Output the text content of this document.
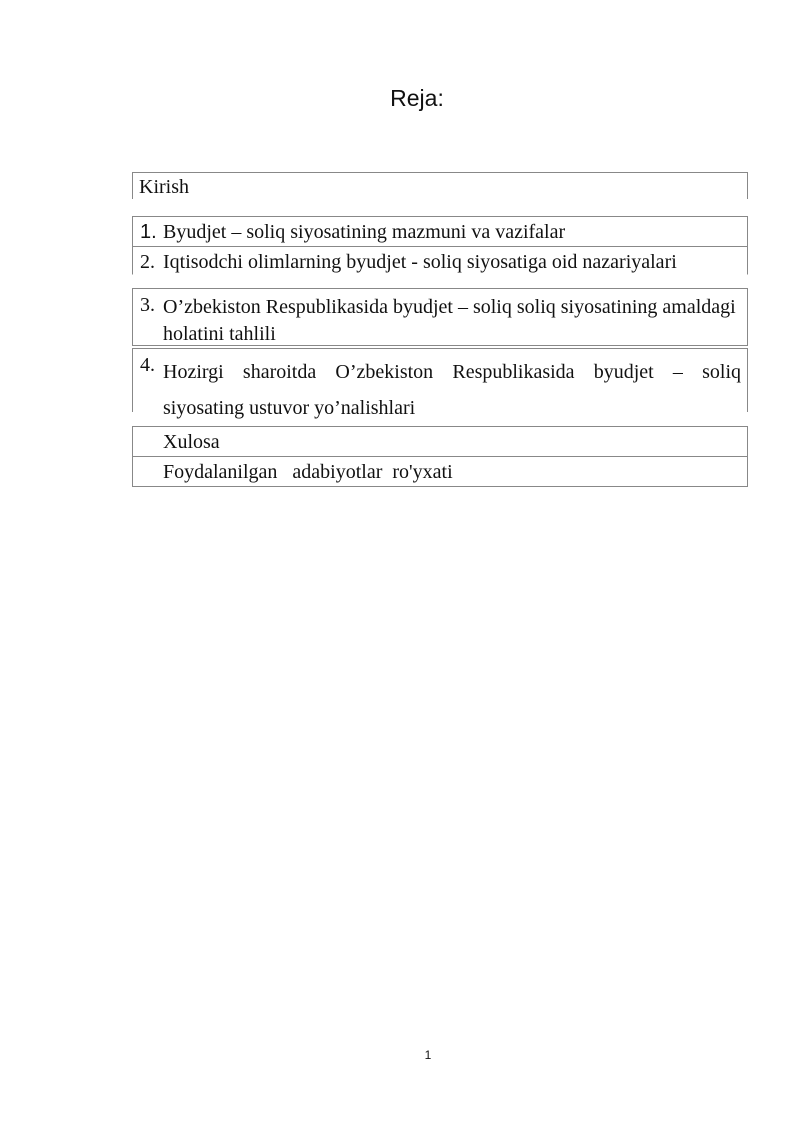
Reja:
Kirish
1. Byudjet – soliq siyosatining mazmuni va vazifalar
2. Iqtisodchi olimlarning byudjet - soliq siyosatiga oid nazariyalari
3. O’zbekiston Respublikasida byudjet – soliq soliq siyosatining amaldagi holatini tahlili
4. Hozirgi sharoitda O’zbekiston Respublikasida byudjet – soliq siyosating ustuvor yo’nalishlari
Xulosa
Foydalanilgan   adabiyotlar  ro'yxati
1
